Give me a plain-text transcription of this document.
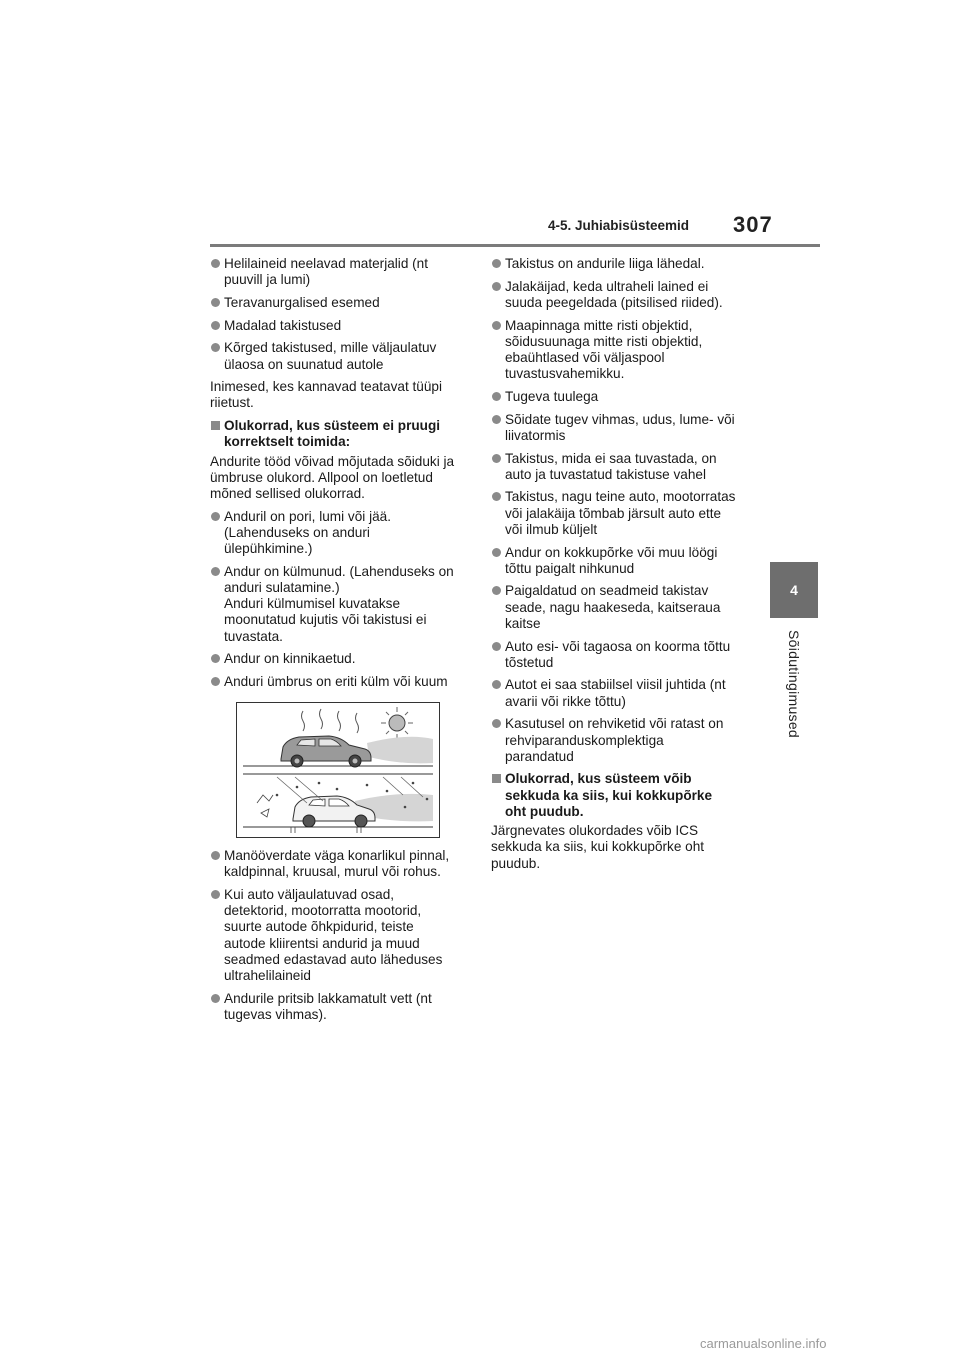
4-5. Juhiabisüsteemid 307
4
Sõidutingimused
Helilaineid neelavad materjalid (nt
puuvill ja lumi)
Teravanurgalised esemed
Madalad takistused
Kõrged takistused, mille väljaulatuv
ülaosa on suunatud autole
Inimesed, kes kannavad teatavat tüüpi
riietust.
Olukorrad, kus süsteem ei pruugi
korrektselt toimida:
Andurite tööd võivad mõjutada sõiduki ja
ümbruse olukord. Allpool on loetletud
mõned sellised olukorrad.
Anduril on pori, lumi või jää.
(Lahenduseks on anduri
ülepühkimine.)
Andur on külmunud. (Lahenduseks on
anduri sulatamine.)
Anduri külmumisel kuvatakse
moonutatud kujutis või takistusi ei
tuvastata.
Andur on kinnikaetud.
Anduri ümbrus on eriti külm või kuum
Manööverdate väga konarlikul pinnal,
kaldpinnal, kruusal, murul või rohus.
Kui auto väljaulatuvad osad,
detektorid, mootorratta mootorid,
suurte autode õhkpidurid, teiste
autode kliirentsi andurid ja muud
seadmed edastavad auto läheduses
ultrahelilaineid
Andurile pritsib lakkamatult vett (nt
tugevas vihmas).
Takistus on andurile liiga lähedal.
Jalakäijad, keda ultraheli lained ei
suuda peegeldada (pitsilised riided).
Maapinnaga mitte risti objektid,
sõidusuunaga mitte risti objektid,
ebaühtlased või väljaspool
tuvastusvahemikku.
Tugeva tuulega
Sõidate tugev vihmas, udus, lume- või
liivatormis
Takistus, mida ei saa tuvastada, on
auto ja tuvastatud takistuse vahel
Takistus, nagu teine auto, mootorratas
või jalakäija tõmbab järsult auto ette
või ilmub küljelt
Andur on kokkupõrke või muu löögi
tõttu paigalt nihkunud
Paigaldatud on seadmeid takistav
seade, nagu haakeseda, kaitseraua
kaitse
Auto esi- või tagaosa on koorma tõttu
tõstetud
Autot ei saa stabiilsel viisil juhtida (nt
avarii või rikke tõttu)
Kasutusel on rehviketid või ratast on
rehviparanduskomplektiga
parandatud
Olukorrad, kus süsteem võib
sekkuda ka siis, kui kokkupõrke
oht puudub.
Järgnevates olukordades võib ICS
sekkuda ka siis, kui kokkupõrke oht
puudub.
carmanualsonline.info
